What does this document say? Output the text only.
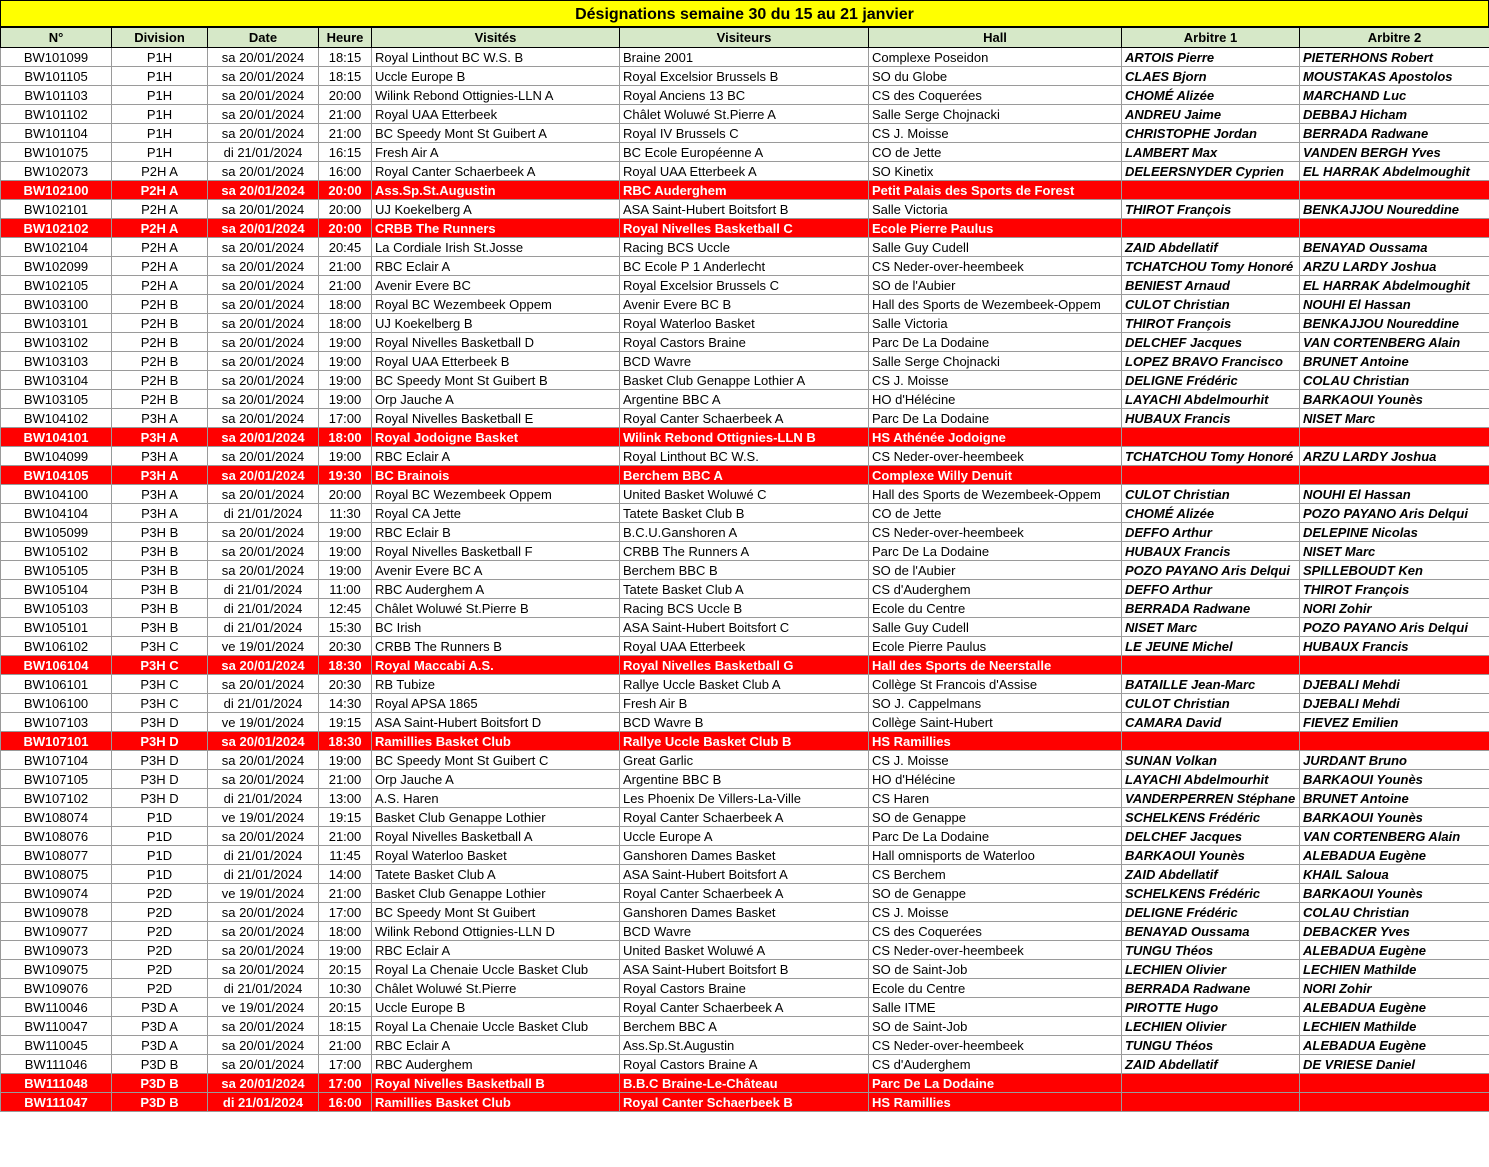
Désignations semaine 30 du 15 au 21 janvier
N°	Division	Date	Heure	Visités	Visiteurs	Hall	Arbitre 1	Arbitre 2
BW101099	P1H	sa 20/01/2024	18:15	Royal Linthout BC W.S. B	Braine 2001	Complexe Poseidon	ARTOIS Pierre	PIETERHONS Robert
BW101105	P1H	sa 20/01/2024	18:15	Uccle Europe B	Royal Excelsior Brussels B	SO du Globe	CLAES Bjorn	MOUSTAKAS Apostolos
BW101103	P1H	sa 20/01/2024	20:00	Wilink Rebond Ottignies-LLN A	Royal Anciens 13 BC	CS des Coquerées	CHOMÉ Alizée	MARCHAND Luc
BW101102	P1H	sa 20/01/2024	21:00	Royal UAA Etterbeek	Châlet Woluwé St.Pierre A	Salle Serge Chojnacki	ANDREU Jaime	DEBBAJ Hicham
BW101104	P1H	sa 20/01/2024	21:00	BC Speedy Mont St Guibert A	Royal IV Brussels C	CS J. Moisse	CHRISTOPHE Jordan	BERRADA Radwane
BW101075	P1H	di 21/01/2024	16:15	Fresh Air A	BC Ecole Européenne A	CO de Jette	LAMBERT Max	VANDEN BERGH Yves
BW102073	P2H A	sa 20/01/2024	16:00	Royal Canter Schaerbeek A	Royal UAA Etterbeek A	SO Kinetix	DELEERSNYDER Cyprien	EL HARRAK Abdelmoughit
BW102100	P2H A	sa 20/01/2024	20:00	Ass.Sp.St.Augustin	RBC Auderghem	Petit Palais des Sports de Forest		
BW102101	P2H A	sa 20/01/2024	20:00	UJ Koekelberg A	ASA Saint-Hubert Boitsfort B	Salle Victoria	THIROT François	BENKAJJOU Noureddine
BW102102	P2H A	sa 20/01/2024	20:00	CRBB The Runners	Royal Nivelles Basketball C	Ecole Pierre Paulus		
BW102104	P2H A	sa 20/01/2024	20:45	La Cordiale Irish St.Josse	Racing BCS Uccle	Salle Guy Cudell	ZAID Abdellatif	BENAYAD Oussama
BW102099	P2H A	sa 20/01/2024	21:00	RBC Eclair A	BC Ecole P 1 Anderlecht	CS Neder-over-heembeek	TCHATCHOU Tomy Honoré	ARZU LARDY Joshua
BW102105	P2H A	sa 20/01/2024	21:00	Avenir Evere BC	Royal Excelsior Brussels C	SO de l'Aubier	BENIEST Arnaud	EL HARRAK Abdelmoughit
BW103100	P2H B	sa 20/01/2024	18:00	Royal BC Wezembeek Oppem	Avenir Evere BC B	Hall des Sports de Wezembeek-Oppem	CULOT Christian	NOUHI El Hassan
BW103101	P2H B	sa 20/01/2024	18:00	UJ Koekelberg B	Royal Waterloo Basket	Salle Victoria	THIROT François	BENKAJJOU Noureddine
BW103102	P2H B	sa 20/01/2024	19:00	Royal Nivelles Basketball D	Royal Castors Braine	Parc De La Dodaine	DELCHEF Jacques	VAN CORTENBERG Alain
BW103103	P2H B	sa 20/01/2024	19:00	Royal UAA Etterbeek B	BCD Wavre	Salle Serge Chojnacki	LOPEZ BRAVO Francisco	BRUNET Antoine
BW103104	P2H B	sa 20/01/2024	19:00	BC Speedy Mont St Guibert B	Basket Club Genappe Lothier A	CS J. Moisse	DELIGNE Frédéric	COLAU Christian
BW103105	P2H B	sa 20/01/2024	19:00	Orp Jauche A	Argentine BBC A	HO d'Hélécine	LAYACHI Abdelmourhit	BARKAOUI Younès
BW104102	P3H A	sa 20/01/2024	17:00	Royal Nivelles Basketball E	Royal Canter Schaerbeek A	Parc De La Dodaine	HUBAUX Francis	NISET Marc
BW104101	P3H A	sa 20/01/2024	18:00	Royal Jodoigne Basket	Wilink Rebond Ottignies-LLN B	HS Athénée Jodoigne		
BW104099	P3H A	sa 20/01/2024	19:00	RBC Eclair A	Royal Linthout BC W.S.	CS Neder-over-heembeek	TCHATCHOU Tomy Honoré	ARZU LARDY Joshua
BW104105	P3H A	sa 20/01/2024	19:30	BC Brainois	Berchem BBC A	Complexe Willy Denuit		
BW104100	P3H A	sa 20/01/2024	20:00	Royal BC Wezembeek Oppem	United Basket Woluwé C	Hall des Sports de Wezembeek-Oppem	CULOT Christian	NOUHI El Hassan
BW104104	P3H A	di 21/01/2024	11:30	Royal CA Jette	Tatete Basket Club B	CO de Jette	CHOMÉ Alizée	POZO PAYANO Aris Delqui
BW105099	P3H B	sa 20/01/2024	19:00	RBC Eclair B	B.C.U.Ganshoren A	CS Neder-over-heembeek	DEFFO Arthur	DELEPINE Nicolas
BW105102	P3H B	sa 20/01/2024	19:00	Royal Nivelles Basketball F	CRBB The Runners A	Parc De La Dodaine	HUBAUX Francis	NISET Marc
BW105105	P3H B	sa 20/01/2024	19:00	Avenir Evere BC A	Berchem BBC B	SO de l'Aubier	POZO PAYANO Aris Delqui	SPILLEBOUDT Ken
BW105104	P3H B	di 21/01/2024	11:00	RBC Auderghem A	Tatete Basket Club A	CS d'Auderghem	DEFFO Arthur	THIROT François
BW105103	P3H B	di 21/01/2024	12:45	Châlet Woluwé St.Pierre B	Racing BCS Uccle B	Ecole du Centre	BERRADA Radwane	NORI Zohir
BW105101	P3H B	di 21/01/2024	15:30	BC Irish	ASA Saint-Hubert Boitsfort C	Salle Guy Cudell	NISET Marc	POZO PAYANO Aris Delqui
BW106102	P3H C	ve 19/01/2024	20:30	CRBB The Runners B	Royal UAA Etterbeek	Ecole Pierre Paulus	LE JEUNE Michel	HUBAUX Francis
BW106104	P3H C	sa 20/01/2024	18:30	Royal Maccabi A.S.	Royal Nivelles Basketball G	Hall des Sports de Neerstalle		
BW106101	P3H C	sa 20/01/2024	20:30	RB Tubize	Rallye Uccle Basket Club A	Collège St Francois d'Assise	BATAILLE Jean-Marc	DJEBALI Mehdi
BW106100	P3H C	di 21/01/2024	14:30	Royal APSA 1865	Fresh Air B	SO J. Cappelmans	CULOT Christian	DJEBALI Mehdi
BW107103	P3H D	ve 19/01/2024	19:15	ASA Saint-Hubert Boitsfort D	BCD Wavre B	Collège Saint-Hubert	CAMARA David	FIEVEZ Emilien
BW107101	P3H D	sa 20/01/2024	18:30	Ramillies Basket Club	Rallye Uccle Basket Club B	HS Ramillies		
BW107104	P3H D	sa 20/01/2024	19:00	BC Speedy Mont St Guibert C	Great Garlic	CS J. Moisse	SUNAN Volkan	JURDANT Bruno
BW107105	P3H D	sa 20/01/2024	21:00	Orp Jauche A	Argentine BBC B	HO d'Hélécine	LAYACHI Abdelmourhit	BARKAOUI Younès
BW107102	P3H D	di 21/01/2024	13:00	A.S. Haren	Les Phoenix De Villers-La-Ville	CS Haren	VANDERPERREN Stéphane	BRUNET Antoine
BW108074	P1D	ve 19/01/2024	19:15	Basket Club Genappe Lothier	Royal Canter Schaerbeek A	SO de Genappe	SCHELKENS Frédéric	BARKAOUI Younès
BW108076	P1D	sa 20/01/2024	21:00	Royal Nivelles Basketball A	Uccle Europe A	Parc De La Dodaine	DELCHEF Jacques	VAN CORTENBERG Alain
BW108077	P1D	di 21/01/2024	11:45	Royal Waterloo Basket	Ganshoren Dames Basket	Hall omnisports de Waterloo	BARKAOUI Younès	ALEBADUA Eugène
BW108075	P1D	di 21/01/2024	14:00	Tatete Basket Club A	ASA Saint-Hubert Boitsfort A	CS Berchem	ZAID Abdellatif	KHAIL Saloua
BW109074	P2D	ve 19/01/2024	21:00	Basket Club Genappe Lothier	Royal Canter Schaerbeek A	SO de Genappe	SCHELKENS Frédéric	BARKAOUI Younès
BW109078	P2D	sa 20/01/2024	17:00	BC Speedy Mont St Guibert	Ganshoren Dames Basket	CS J. Moisse	DELIGNE Frédéric	COLAU Christian
BW109077	P2D	sa 20/01/2024	18:00	Wilink Rebond Ottignies-LLN D	BCD Wavre	CS des Coquerées	BENAYAD Oussama	DEBACKER Yves
BW109073	P2D	sa 20/01/2024	19:00	RBC Eclair A	United Basket Woluwé A	CS Neder-over-heembeek	TUNGU Théos	ALEBADUA Eugène
BW109075	P2D	sa 20/01/2024	20:15	Royal La Chenaie Uccle Basket Club	ASA Saint-Hubert Boitsfort B	SO de Saint-Job	LECHIEN Olivier	LECHIEN Mathilde
BW109076	P2D	di 21/01/2024	10:30	Châlet Woluwé St.Pierre	Royal Castors Braine	Ecole du Centre	BERRADA Radwane	NORI Zohir
BW110046	P3D A	ve 19/01/2024	20:15	Uccle Europe B	Royal Canter Schaerbeek A	Salle ITME	PIROTTE Hugo	ALEBADUA Eugène
BW110047	P3D A	sa 20/01/2024	18:15	Royal La Chenaie Uccle Basket Club	Berchem BBC A	SO de Saint-Job	LECHIEN Olivier	LECHIEN Mathilde
BW110045	P3D A	sa 20/01/2024	21:00	RBC Eclair A	Ass.Sp.St.Augustin	CS Neder-over-heembeek	TUNGU Théos	ALEBADUA Eugène
BW111046	P3D B	sa 20/01/2024	17:00	RBC Auderghem	Royal Castors Braine A	CS d'Auderghem	ZAID Abdellatif	DE VRIESE Daniel
BW111048	P3D B	sa 20/01/2024	17:00	Royal Nivelles Basketball B	B.B.C Braine-Le-Château	Parc De La Dodaine		
BW111047	P3D B	di 21/01/2024	16:00	Ramillies Basket Club	Royal Canter Schaerbeek B	HS Ramillies		
